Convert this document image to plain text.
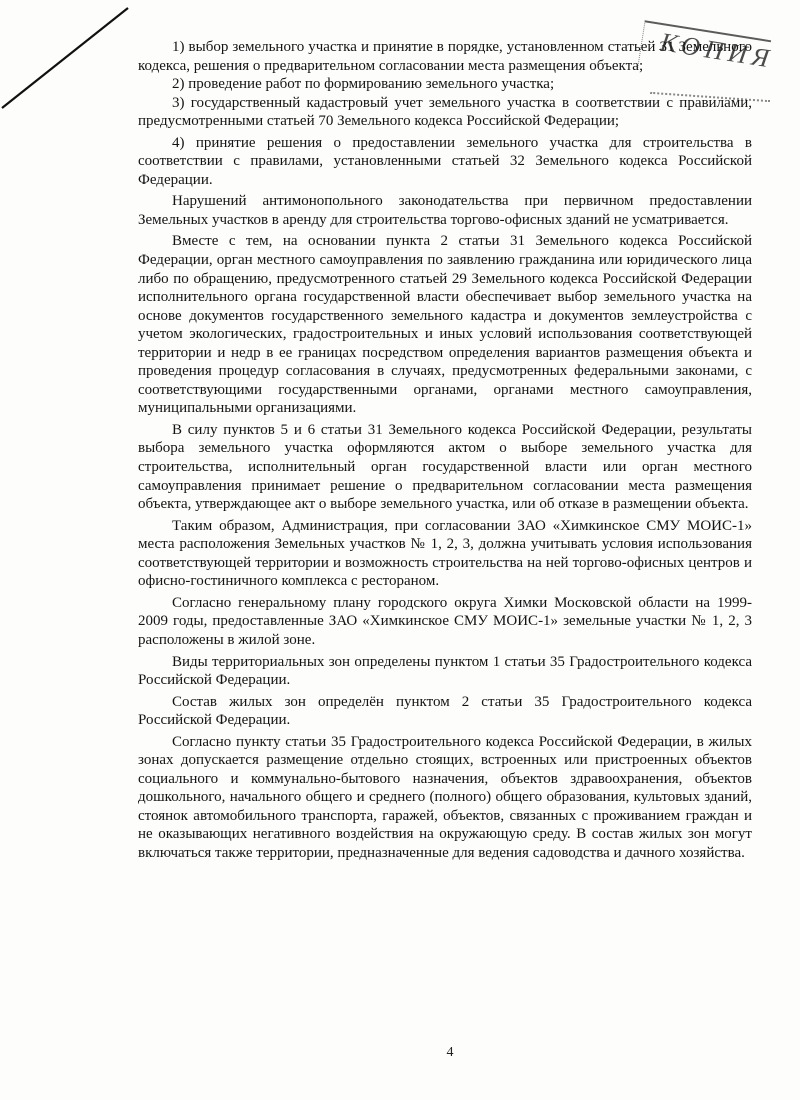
КОПИЯ

1) выбор земельного участка и принятие в порядке, установленном статьей 31 Земельного кодекса, решения о предварительном согласовании места размещения объекта;

2) проведение работ по формированию земельного участка;

3) государственный кадастровый учет земельного участка в соответствии с правилами, предусмотренными статьей 70 Земельного кодекса Российской Федерации;

4) принятие решения о предоставлении земельного участка для строительства в соответствии с правилами, установленными статьей 32 Земельного кодекса Российской Федерации.

Нарушений антимонопольного законодательства при первичном предоставлении Земельных участков в аренду для строительства торгово-офисных зданий не усматривается.

Вместе с тем, на основании пункта 2 статьи 31 Земельного кодекса Российской Федерации, орган местного самоуправления по заявлению гражданина или юридического лица либо по обращению, предусмотренного статьей 29 Земельного кодекса Российской Федерации исполнительного органа государственной власти обеспечивает выбор земельного участка на основе документов государственного земельного кадастра и документов землеустройства с учетом экологических, градостроительных и иных условий использования соответствующей территории и недр в ее границах посредством определения вариантов размещения объекта и проведения процедур согласования в случаях, предусмотренных федеральными законами, с соответствующими государственными органами, органами местного самоуправления, муниципальными организациями.

В силу пунктов 5 и 6 статьи 31 Земельного кодекса Российской Федерации, результаты выбора земельного участка оформляются актом о выборе земельного участка для строительства, исполнительный орган государственной власти или орган местного самоуправления принимает решение о предварительном согласовании места размещения объекта, утверждающее акт о выборе земельного участка, или об отказе в размещении объекта.

Таким образом, Администрация, при согласовании ЗАО «Химкинское СМУ МОИС-1» места расположения Земельных участков № 1, 2, 3, должна учитывать условия использования соответствующей территории и возможность строительства на ней торгово-офисных центров и офисно-гостиничного комплекса с рестораном.

Согласно генеральному плану городского округа Химки Московской области на 1999-2009 годы, предоставленные ЗАО «Химкинское СМУ МОИС-1» земельные участки № 1, 2, 3 расположены в жилой зоне.

Виды территориальных зон определены пунктом 1 статьи 35 Градостроительного кодекса Российской Федерации.

Состав жилых зон определён пунктом 2 статьи 35 Градостроительного кодекса Российской Федерации.

Согласно пункту статьи 35 Градостроительного кодекса Российской Федерации, в жилых зонах допускается размещение отдельно стоящих, встроенных или пристроенных объектов социального и коммунально-бытового назначения, объектов здравоохранения, объектов дошкольного, начального общего и среднего (полного) общего образования, культовых зданий, стоянок автомобильного транспорта, гаражей, объектов, связанных с проживанием граждан и не оказывающих негативного воздействия на окружающую среду. В состав жилых зон могут включаться также территории, предназначенные для ведения садоводства и дачного хозяйства.

4
